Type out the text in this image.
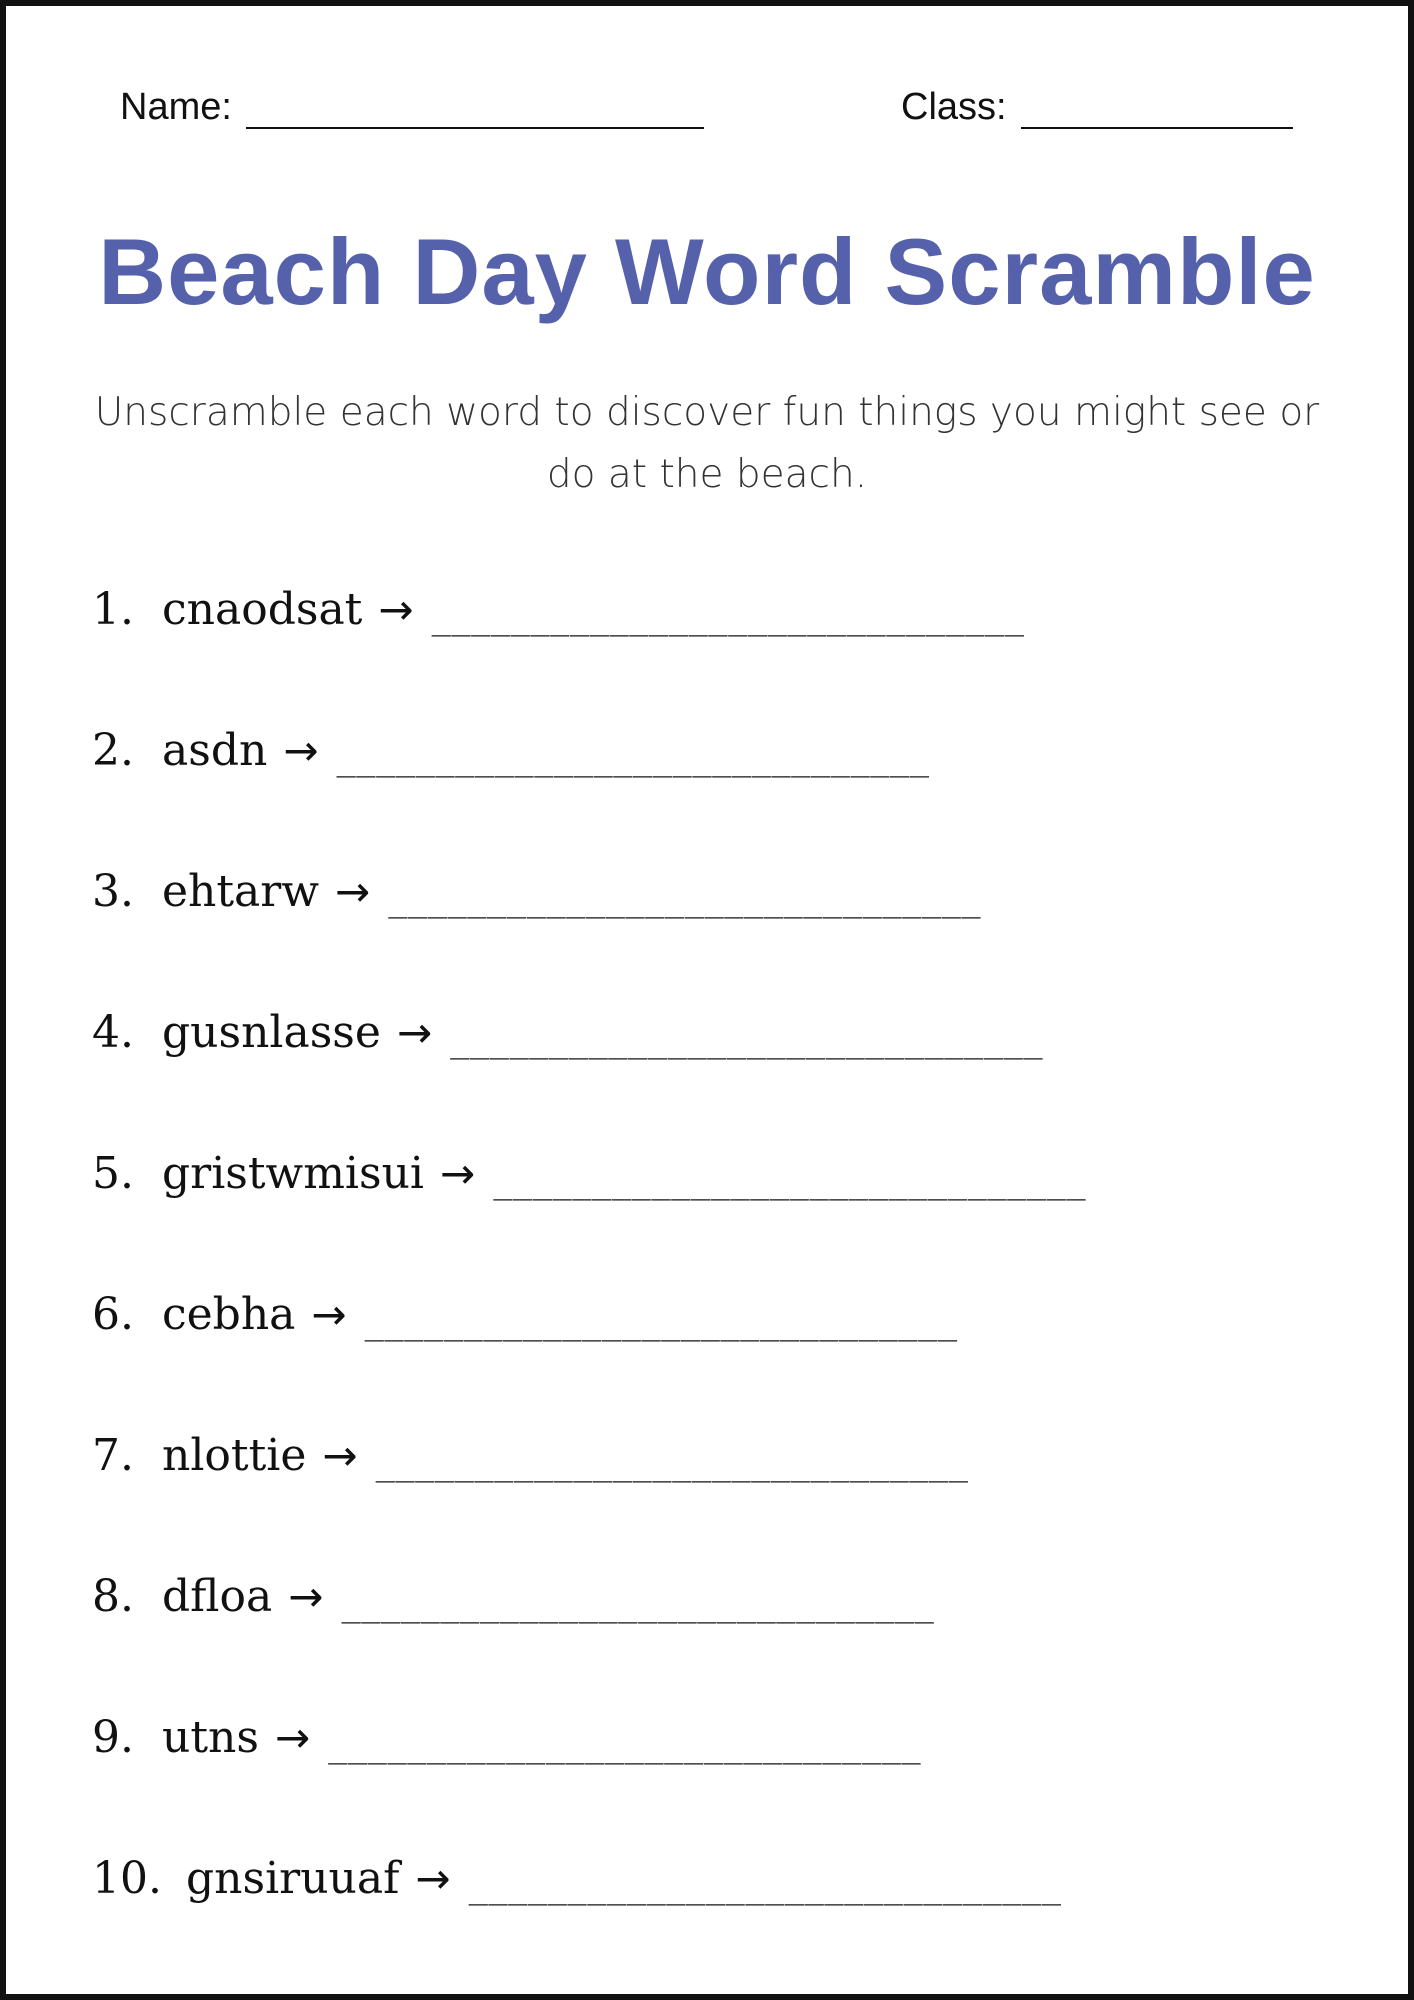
Name:	Class:
Beach Day Word Scramble

Unscramble each word to discover fun things you might see or do at the beach.

1. cnaodsat → ______________________________
2. asdn → ______________________________
3. ehtarw → ______________________________
4. gusnlasse → ______________________________
5. gristwmisui → ______________________________
6. cebha → ______________________________
7. nlottie → ______________________________
8. dfloa → ______________________________
9. utns → ______________________________
10. gnsiruuaf → ______________________________
